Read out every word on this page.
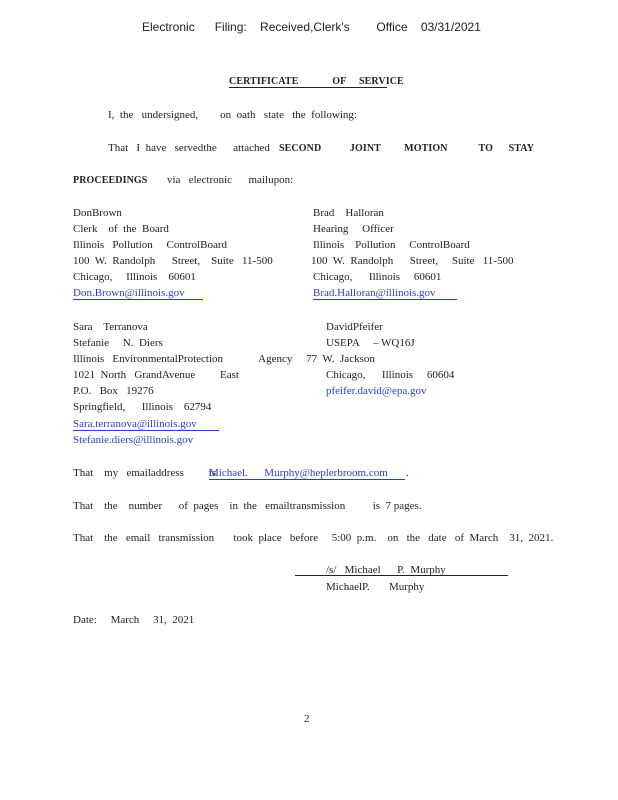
Electronic      Filing:    Received,Clerk's        Office    03/31/2021
CERTIFICATE             OF     SERVICE
I,  the   undersigned,        on  oath   state   the  following:
That   I  have   servedthe      attached SECOND           JOINT         MOTION            TO      STAY
PROCEEDINGS via   electronic      mailupon:
DonBrown
Clerk    of  the  Board
Illinois   Pollution     ControlBoard
100  W.  Randolph      Street,    Suite   11-500
Chicago,     Illinois    60601
Don.Brown@illinois.gov
Brad    Halloran
Hearing     Officer
Illinois    Pollution     ControlBoard
100  W.  Randolph      Street,     Suite   11-500
Chicago,      Illinois     60601
Brad.Halloran@illinois.gov
Sara    Terranova
Stefanie     N.  Diers
Illinois   EnvironmentalProtection             Agency     77  W.  Jackson
1021  North   GrandAvenue         East
P.O.   Box   19276
Springfield,      Illinois    62794
Sara.terranova@illinois.gov
Stefanie.diers@illinois.gov
DavidPfeifer
USEPA     – WQ16J
Chicago,      Illinois     60604
pfeifer.david@epa.gov
That    my   emailaddress         is
Michael.      Murphy@heplerbroom.com .
That    the    number      of  pages    in  the   emailtransmission          is  7 pages.
That    the   email   transmission       took  place   before     5:00  p.m.    on   the   date   of  March    31,  2021.
/s/   Michael      P.  Murphy
MichaelP.       Murphy
Date:     March     31,  2021
2
